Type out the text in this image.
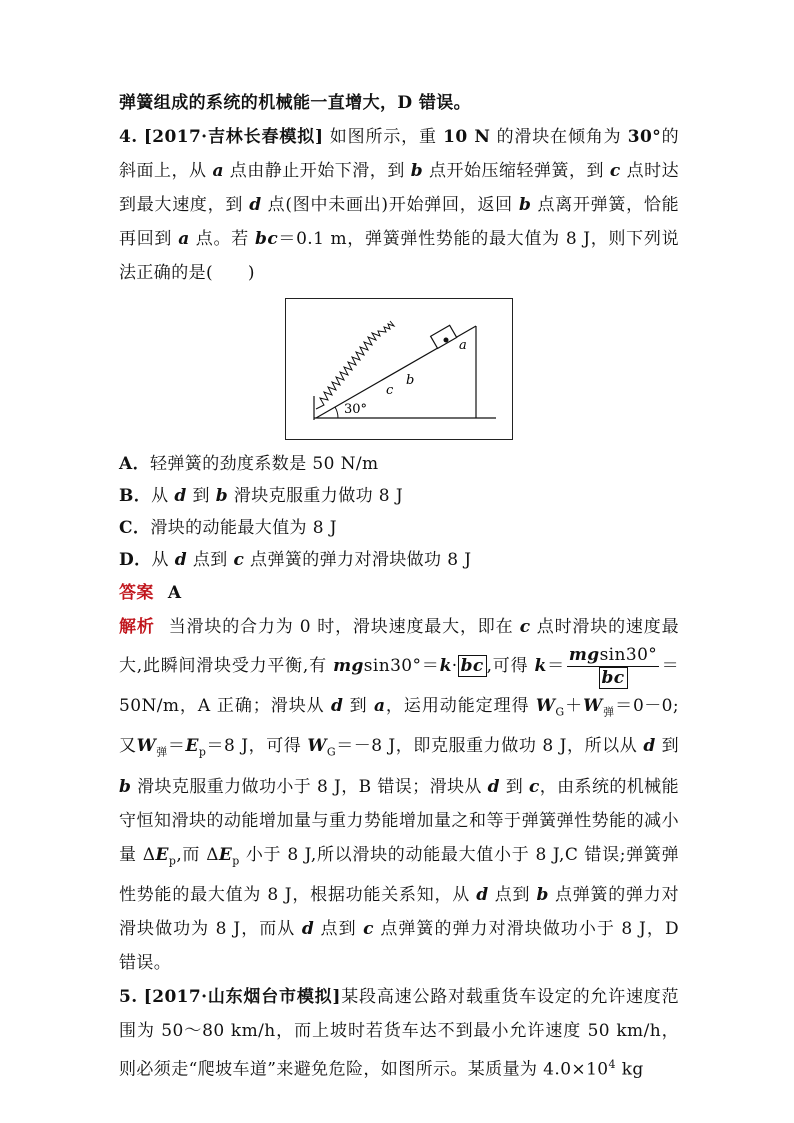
弹簧组成的系统的机械能一直增大，D 错误。

4. [2017·吉林长春模拟] 如图所示，重 10 N 的滑块在倾角为 30°的斜面上，从 a 点由静止开始下滑，到 b 点开始压缩轻弹簧，到 c 点时达到最大速度，到 d 点(图中未画出)开始弹回，返回 b 点离开弹簧，恰能再回到 a 点。若 bc＝0.1 m，弹簧弹性势能的最大值为 8 J，则下列说法正确的是(　　)

a
b
c
30°

A．轻弹簧的劲度系数是 50 N/m

B．从 d 到 b 滑块克服重力做功 8 J

C．滑块的动能最大值为 8 J

D．从 d 点到 c 点弹簧的弹力对滑块做功 8 J

答案 A

解析 当滑块的合力为 0 时，滑块速度最大，即在 c 点时滑块的速度最大,此瞬间滑块受力平衡,有 mgsin30°＝k· bc ,可得 $k= \frac{mgsin30^\circ}{bc} =50N/m$，A 正确；滑块从 d 到 a，运用动能定理得 $W_G+W_弹=0-0$;又$W_弹=E_p=8$ J，可得 $W_G=-8$ J，即克服重力做功 8 J，所以从 d 到b 滑块克服重力做功小于 8 J，B 错误；滑块从 d 到 c，由系统的机械能守恒知滑块的动能增加量与重力势能增加量之和等于弹簧弹性势能的减小量 $\Delta E_p$,而 $\Delta E_p$ 小于 8 J,所以滑块的动能最大值小于 8 J,C 错误;弹簧弹性势能的最大值为 8 J，根据功能关系知，从 d 点到 b 点弹簧的弹力对滑块做功为 8 J，而从 d 点到 c 点弹簧的弹力对滑块做功小于 8 J，D 错误。

5. [2017·山东烟台市模拟]某段高速公路对载重货车设定的允许速度范围为 50～80 km/h，而上坡时若货车达不到最小允许速度 50 km/h，则必须走“爬坡车道”来避免危险，如图所示。某质量为 $4.0\times 10^4$ kg
